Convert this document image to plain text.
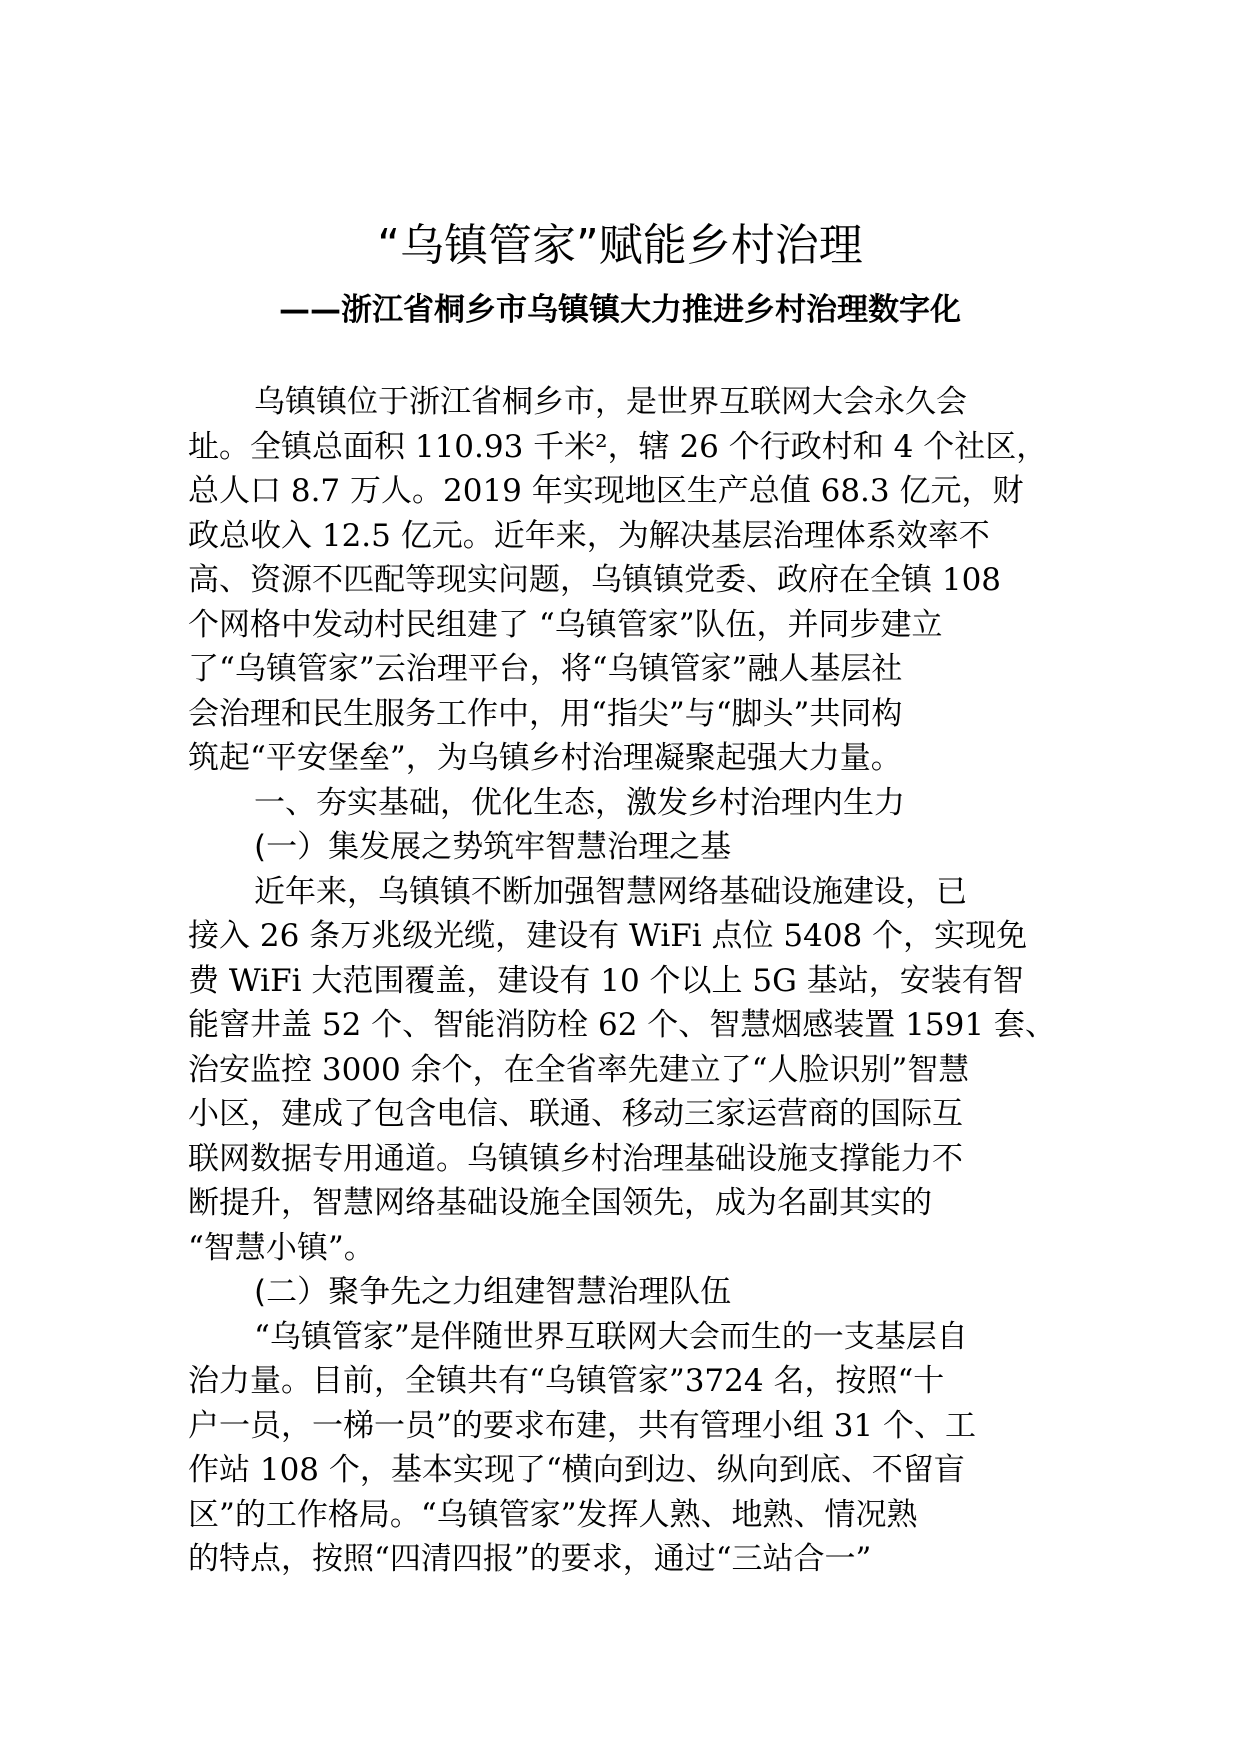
“乌镇管家”赋能乡村治理
——浙江省桐乡市乌镇镇大力推进乡村治理数字化
乌镇镇位于浙江省桐乡市，是世界互联网大会永久会
址。全镇总面积 110.93 千米²，辖 26 个行政村和 4 个社区，
总人口 8.7 万人。2019 年实现地区生产总值 68.3 亿元，财
政总收入 12.5 亿元。近年来，为解决基层治理体系效率不
高、资源不匹配等现实问题，乌镇镇党委、政府在全镇 108
个网格中发动村民组建了 “乌镇管家”队伍，并同步建立
了“乌镇管家”云治理平台，将“乌镇管家”融人基层社
会治理和民生服务工作中，用“指尖”与“脚头”共同构
筑起“平安堡垒”，为乌镇乡村治理凝聚起强大力量。
一、夯实基础，优化生态，激发乡村治理内生力
(一）集发展之势筑牢智慧治理之基
近年来，乌镇镇不断加强智慧网络基础设施建设，已
接入 26 条万兆级光缆，建设有 WiFi 点位 5408 个，实现免
费 WiFi 大范围覆盖，建设有 10 个以上 5G 基站，安装有智
能窨井盖 52 个、智能消防栓 62 个、智慧烟感装置 1591 套、
治安监控 3000 余个，在全省率先建立了“人脸识别”智慧
小区，建成了包含电信、联通、移动三家运营商的国际互
联网数据专用通道。乌镇镇乡村治理基础设施支撑能力不
断提升，智慧网络基础设施全国领先，成为名副其实的
“智慧小镇”。
(二）聚争先之力组建智慧治理队伍
“乌镇管家”是伴随世界互联网大会而生的一支基层自
治力量。目前，全镇共有“乌镇管家”3724 名，按照“十
户一员，一梯一员”的要求布建，共有管理小组 31 个、工
作站 108 个，基本实现了“横向到边、纵向到底、不留盲
区”的工作格局。“乌镇管家”发挥人熟、地熟、情况熟
的特点，按照“四清四报”的要求，通过“三站合一”
